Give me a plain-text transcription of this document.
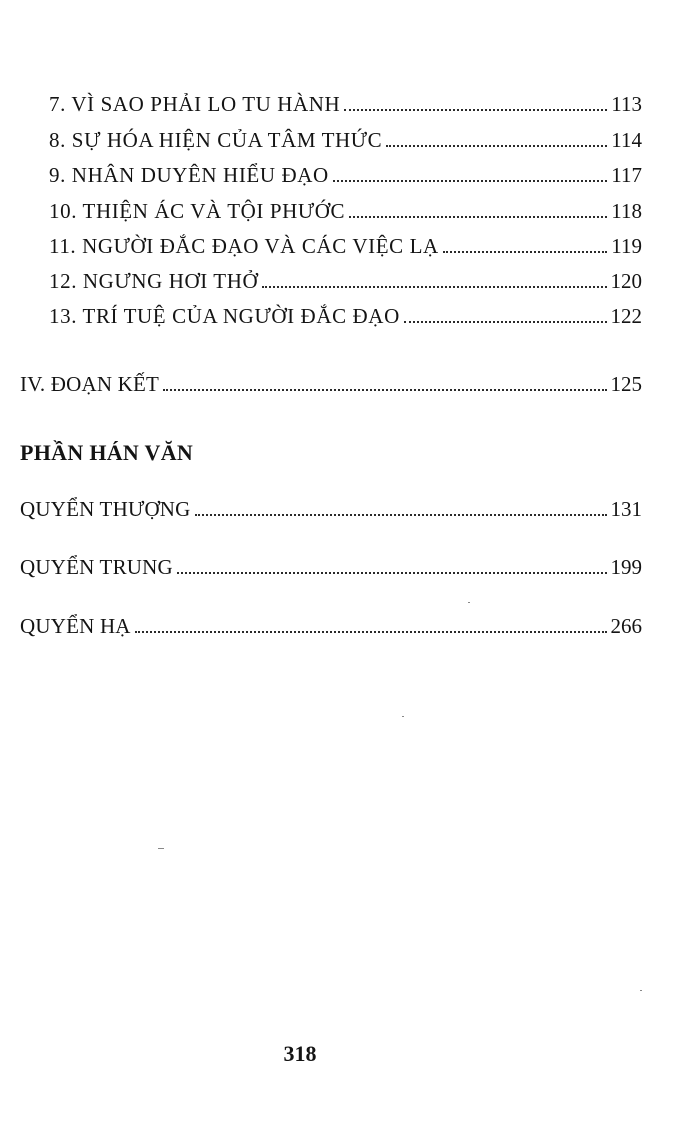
7. VÌ SAO PHẢI LO TU HÀNH	113
8. SỰ HÓA HIỆN CỦA TÂM THỨC	114
9. NHÂN DUYÊN HIỂU ĐẠO	117
10. THIỆN ÁC VÀ TỘI PHƯỚC	118
11. NGƯỜI ĐẮC ĐẠO VÀ CÁC VIỆC LẠ	119
12. NGƯNG HƠI THỞ	120
13. TRÍ TUỆ CỦA NGƯỜI ĐẮC ĐẠO	122
IV. ĐOẠN KẾT	125
PHẦN HÁN VĂN
QUYỂN THƯỢNG	131
QUYỂN TRUNG	199
QUYỂN HẠ	266
318
